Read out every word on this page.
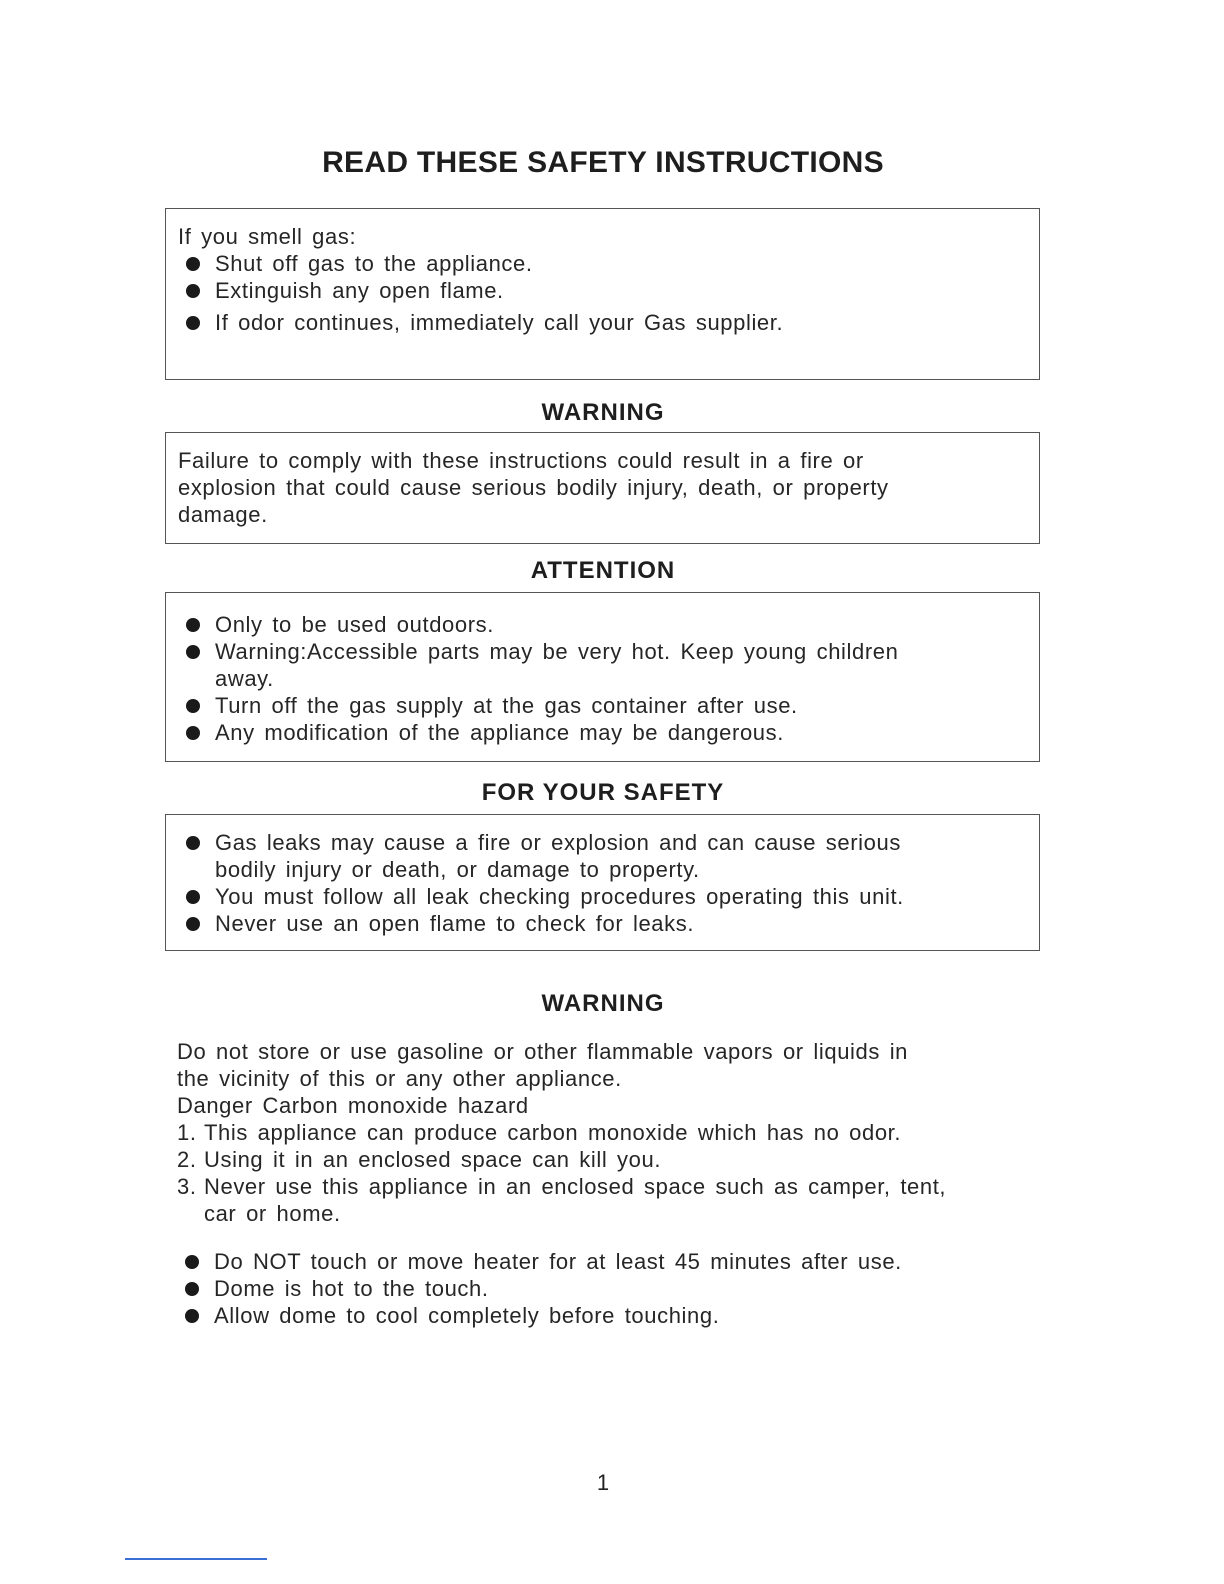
READ THESE SAFETY INSTRUCTIONS
If you smell gas:
Shut off gas to the appliance.
Extinguish any open flame.
If odor continues, immediately call your Gas supplier.
WARNING
Failure to comply with these instructions could result in a fire or
explosion that could cause serious bodily injury, death, or property
damage.
ATTENTION
Only to be used outdoors.
Warning:Accessible parts may be very hot. Keep young children
away.
Turn off the gas supply at the gas container after use.
Any modification of the appliance may be dangerous.
FOR YOUR SAFETY
Gas leaks may cause a fire or explosion and can cause serious
bodily injury or death, or damage to property.
You must follow all leak checking procedures operating this unit.
Never use an open flame to check for leaks.
WARNING
Do not store or use gasoline or other flammable vapors or liquids in
the vicinity of this or any other appliance.
Danger Carbon monoxide hazard
1. This appliance can produce carbon monoxide which has no odor.
2. Using it in an enclosed space can kill you.
3. Never use this appliance in an enclosed space such as camper, tent,
car or home.
Do NOT touch or move heater for at least 45 minutes after use.
Dome is hot to the touch.
Allow dome to cool completely before touching.
1
